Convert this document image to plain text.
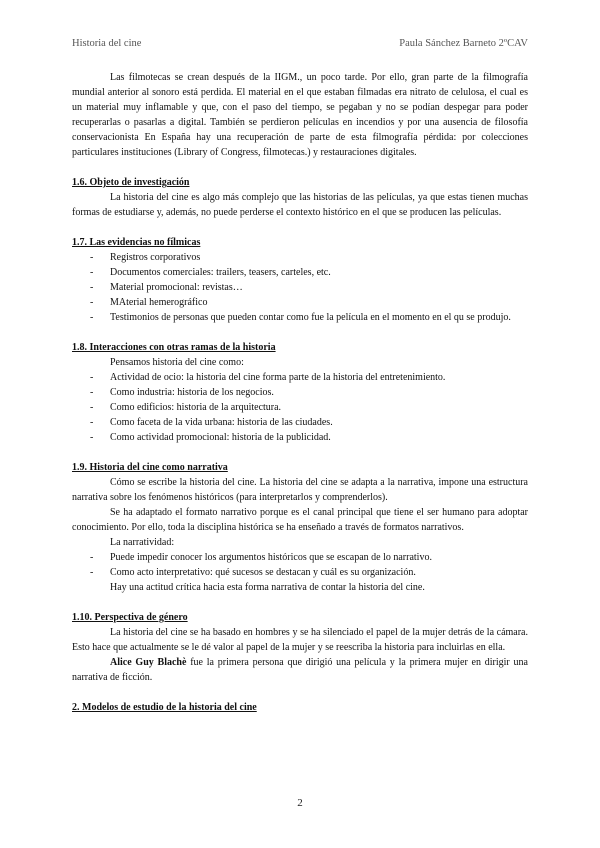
Historia del cine	Paula Sánchez Barneto 2ºCAV

Las filmotecas se crean después de la IIGM., un poco tarde. Por ello, gran parte de la filmografía mundial anterior al sonoro está perdida. El material en el que estaban filmadas era nitrato de celulosa, el cual es un material muy inflamable y que, con el paso del tiempo, se pegaban y no se podían despegar para poder recuperarlas o pasarlas a digital. También se perdieron películas en incendios y por una ausencia de filosofía conservacionista En España hay una recuperación de parte de esta filmografía pérdida: por colecciones particulares instituciones (Library of Congress, filmotecas.) y restauraciones digitales.

1.6. Objeto de investigación

La historia del cine es algo más complejo que las historias de las películas, ya que estas tienen muchas formas de estudiarse y, además, no puede perderse el contexto histórico en el que se producen las películas.

1.7. Las evidencias no fílmicas
- Registros corporativos
- Documentos comerciales: trailers, teasers, carteles, etc.
- Material promocional: revistas…
- MAterial hemerográfico
- Testimonios de personas que pueden contar como fue la película en el momento en el qu se produjo.
1.8. Interacciones con otras ramas de la historia

Pensamos historia del cine como:

- Actividad de ocio: la historia del cine forma parte de la historia del entretenimiento.
- Como industria: historia de los negocios.
- Como edificios: historia de la arquitectura.
- Como faceta de la vida urbana: historia de las ciudades.
- Como actividad promocional: historia de la publicidad.
1.9. Historia del cine como narrativa

Cómo se escribe la historia del cine. La historia del cine se adapta a la narrativa, impone una estructura narrativa sobre los fenómenos históricos (para interpretarlos y comprenderlos).

Se ha adaptado el formato narrativo porque es el canal principal que tiene el ser humano para adoptar conocimiento. Por ello, toda la disciplina histórica se ha enseñado a través de formatos narrativos.

La narratividad:

- Puede impedir conocer los argumentos históricos que se escapan de lo narrativo.
- Como acto interpretativo: qué sucesos se destacan y cuál es su organización.

Hay una actitud crítica hacia esta forma narrativa de contar la historia del cine.

1.10. Perspectiva de género

La historia del cine se ha basado en hombres y se ha silenciado el papel de la mujer detrás de la cámara. Esto hace que actualmente se le dé valor al papel de la mujer y se reescriba la historia para incluirlas en ella.

Alice Guy Blachè fue la primera persona que dirigió una película y la primera mujer en dirigir una narrativa de ficción.

2. Modelos de estudio de la historia del cine
2
